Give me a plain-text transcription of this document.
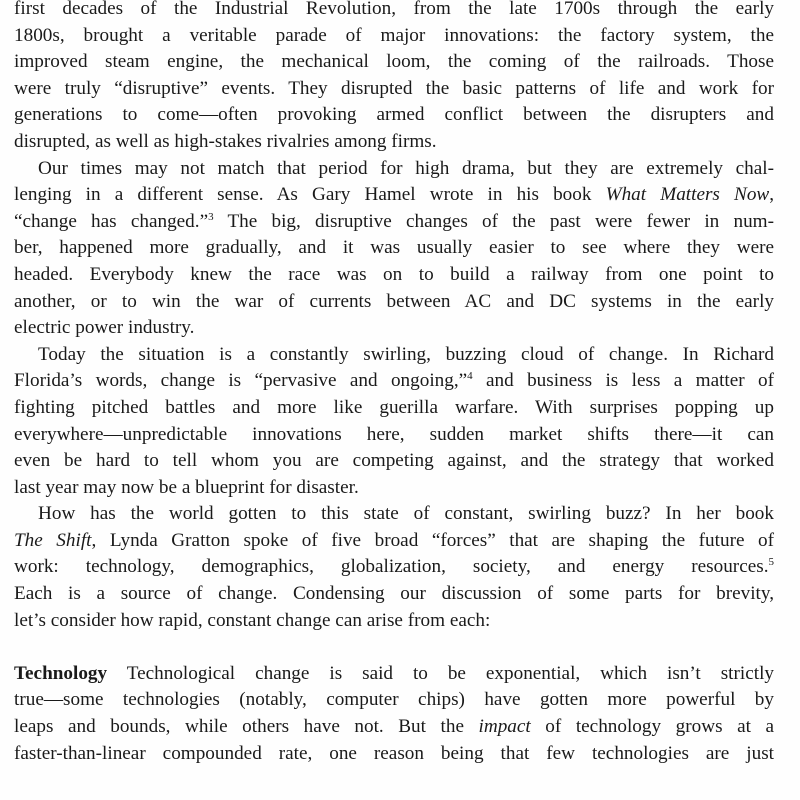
first decades of the Industrial Revolution, from the late 1700s through the early
1800s, brought a veritable parade of major innovations: the factory system, the
improved steam engine, the mechanical loom, the coming of the railroads. Those
were truly “disruptive” events. They disrupted the basic patterns of life and work for
generations to come—often provoking armed conflict between the disrupters and
disrupted, as well as high-stakes rivalries among firms.
Our times may not match that period for high drama, but they are extremely chal-
lenging in a different sense. As Gary Hamel wrote in his book What Matters Now,
“change has changed.”$^3$ The big, disruptive changes of the past were fewer in num-
ber, happened more gradually, and it was usually easier to see where they were
headed. Everybody knew the race was on to build a railway from one point to
another, or to win the war of currents between AC and DC systems in the early
electric power industry.
Today the situation is a constantly swirling, buzzing cloud of change. In Richard
Florida’s words, change is “pervasive and ongoing,”$^4$ and business is less a matter of
fighting pitched battles and more like guerilla warfare. With surprises popping up
everywhere—unpredictable innovations here, sudden market shifts there—it can
even be hard to tell whom you are competing against, and the strategy that worked
last year may now be a blueprint for disaster.
How has the world gotten to this state of constant, swirling buzz? In her book
The Shift, Lynda Gratton spoke of five broad “forces” that are shaping the future of
work: technology, demographics, globalization, society, and energy resources.$^5$
Each is a source of change. Condensing our discussion of some parts for brevity,
let’s consider how rapid, constant change can arise from each:
Technology Technological change is said to be exponential, which isn’t strictly
true—some technologies (notably, computer chips) have gotten more powerful by
leaps and bounds, while others have not. But the impact of technology grows at a
faster-than-linear compounded rate, one reason being that few technologies are just
